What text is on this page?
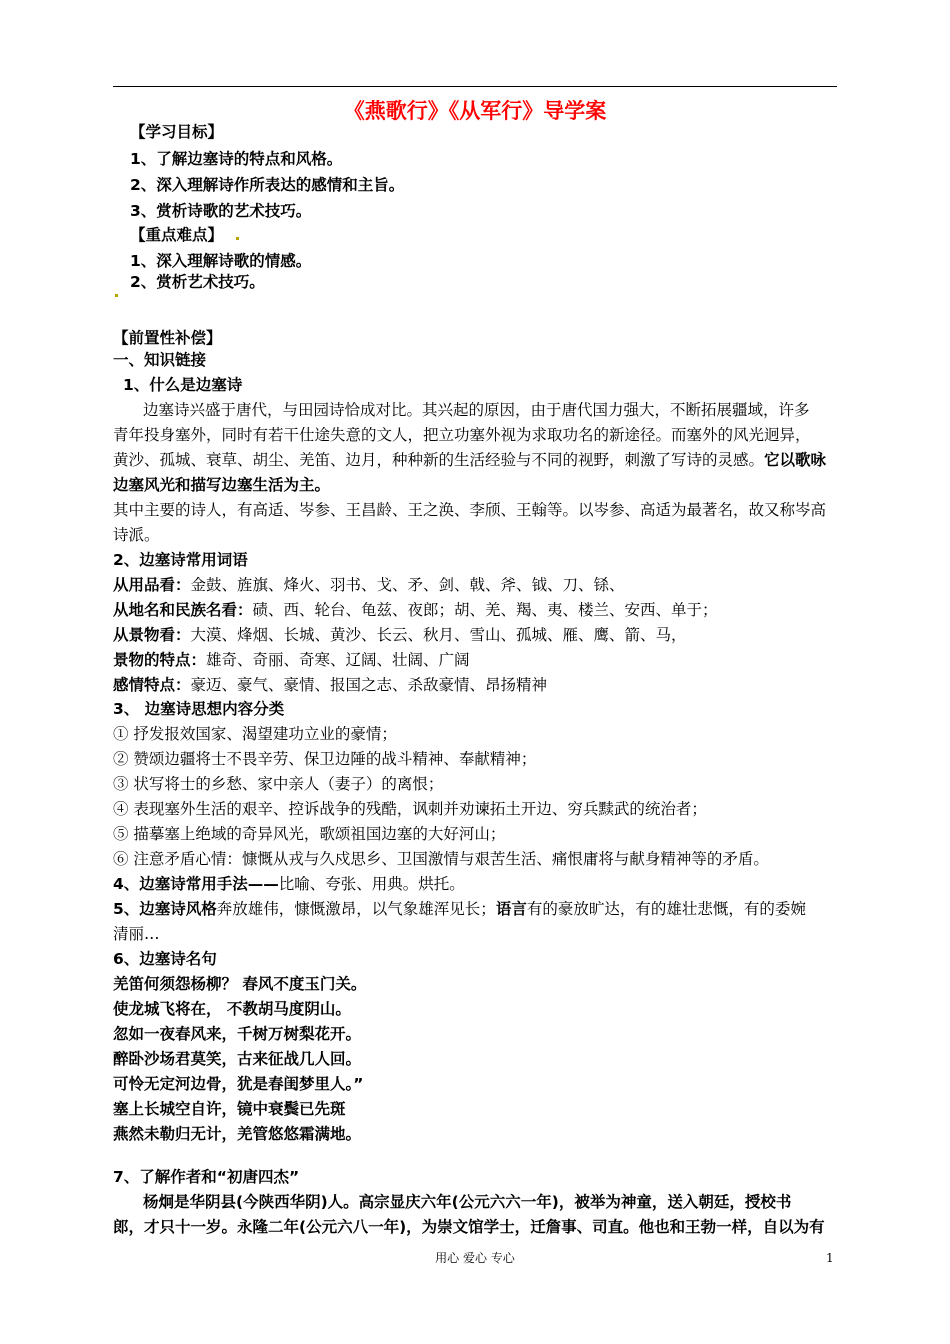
《燕歌行》《从军行》导学案
【学习目标】
1、了解边塞诗的特点和风格。
2、深入理解诗作所表达的感情和主旨。
3、赏析诗歌的艺术技巧。
【重点难点】
1、深入理解诗歌的情感。
2、赏析艺术技巧。
【前置性补偿】
一、知识链接
1、什么是边塞诗
边塞诗兴盛于唐代，与田园诗恰成对比。其兴起的原因，由于唐代国力强大，不断拓展疆域，许多
青年投身塞外，同时有若干仕途失意的文人，把立功塞外视为求取功名的新途径。而塞外的风光迥异，
黄沙、孤城、衰草、胡尘、羌笛、边月，种种新的生活经验与不同的视野，刺激了写诗的灵感。它以歌咏
边塞风光和描写边塞生活为主。
其中主要的诗人，有高适、岑参、王昌龄、王之涣、李颀、王翰等。以岑参、高适为最著名，故又称岑高
诗派。
2、边塞诗常用词语
从用品看：金鼓、旌旗、烽火、羽书、戈、矛、剑、戟、斧、钺、刀、铩、
从地名和民族名看：碛、西、轮台、龟兹、夜郎；胡、羌、羯、夷、楼兰、安西、单于；
从景物看：大漠、烽烟、长城、黄沙、长云、秋月、雪山、孤城、雁、鹰、箭、马，
景物的特点：雄奇、奇丽、奇寒、辽阔、壮阔、广阔
感情特点：豪迈、豪气、豪情、报国之志、杀敌豪情、昂扬精神
3、 边塞诗思想内容分类
① 抒发报效国家、渴望建功立业的豪情；
② 赞颂边疆将士不畏辛劳、保卫边陲的战斗精神、奉献精神；
③ 状写将士的乡愁、家中亲人（妻子）的离恨；
④ 表现塞外生活的艰辛、控诉战争的残酷，讽刺并劝谏拓土开边、穷兵黩武的统治者；
⑤ 描摹塞上绝域的奇异风光，歌颂祖国边塞的大好河山；
⑥ 注意矛盾心情：慷慨从戎与久戍思乡、卫国激情与艰苦生活、痛恨庸将与献身精神等的矛盾。
4、边塞诗常用手法——比喻、夸张、用典。烘托。
5、边塞诗风格奔放雄伟，慷慨激昂，以气象雄浑见长；语言有的豪放旷达，有的雄壮悲慨，有的委婉
清丽…
6、边塞诗名句
羌笛何须怨杨柳？ 春风不度玉门关。
使龙城飞将在， 不教胡马度阴山。
忽如一夜春风来，千树万树梨花开。
醉卧沙场君莫笑，古来征战几人回。
可怜无定河边骨，犹是春闺梦里人。”
塞上长城空自许，镜中衰鬓已先斑
燕然未勒归无计，羌管悠悠霜满地。
7、了解作者和“初唐四杰”
杨炯是华阴县(今陕西华阴)人。高宗显庆六年(公元六六一年)，被举为神童，送入朝廷，授校书
郎，才只十一岁。永隆二年(公元六八一年)，为崇文馆学士，迁詹事、司直。他也和王勃一样，自以为有
用心 爱心 专心	1
